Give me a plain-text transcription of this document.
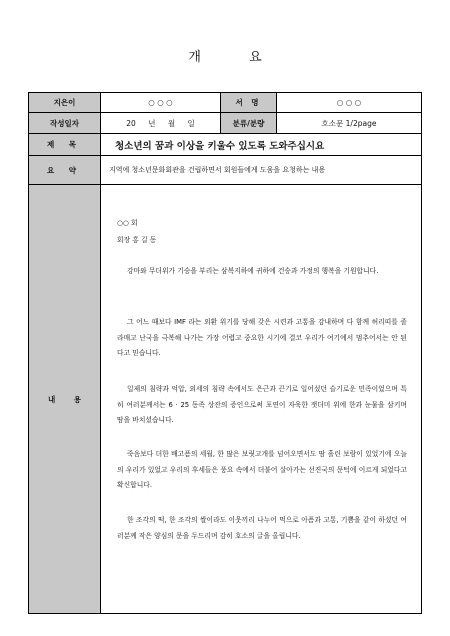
개 요
지은이	○ ○ ○	서 명	○ ○ ○
작성일자	20 년 월 일	분류/분량	호소문 1/2page
제 목	청소년의 꿈과 이상을 키울수 있도록 도와주십시요
요 약	지역에 청소년문화회관을 건립하면서 회원들에게 도움을 요청하는 내용
내 용
○○ 회
회장 홍 길 동
강마와 무더위가 기승을 부리는 삼복지하에 귀하에 건승과 가정의 행복을 기원합니다.
그 어느 때보다 IMF 라는 외환 위기를 당해 갖은 시련과 고통을 감내하며 다 함께 허리띠를 졸라매고 난국을 극복해 나가는 가장 어렵고 중요한 시기에 결코 우리가 여기에서 멈추어서는 안 된다고 믿습니다.
일제의 침략과 억압, 외세의 침략 속에서도 은근과 끈기로 일어섰던 슬기로운 민족이었으며 특히 여러분께서는 6 · 25 동족 상잔의 증인으로써 포연이 자욱한 잿더미 위에 한과 눈물을 삼키며 땀을 바치셨습니다.
죽음보다 더한 배고픔의 세월, 한 많은 보릿고개를 넘어오면서도 땀 흘린 보람이 있었기에 오늘의 우리가 있었고 우리의 후세들은 풍요 속에서 더불어 살아가는 선진국의 문턱에 이르게 되었다고 확신합니다.
한 조각의 떡, 한 조각의 쌀이라도 이웃끼리 나누어 먹으로 아픔과 고통, 기쁨을 같이 하셨던 여러분께 작은 양심의 문을 두드리며 감히 호소의 글을 올립니다.
